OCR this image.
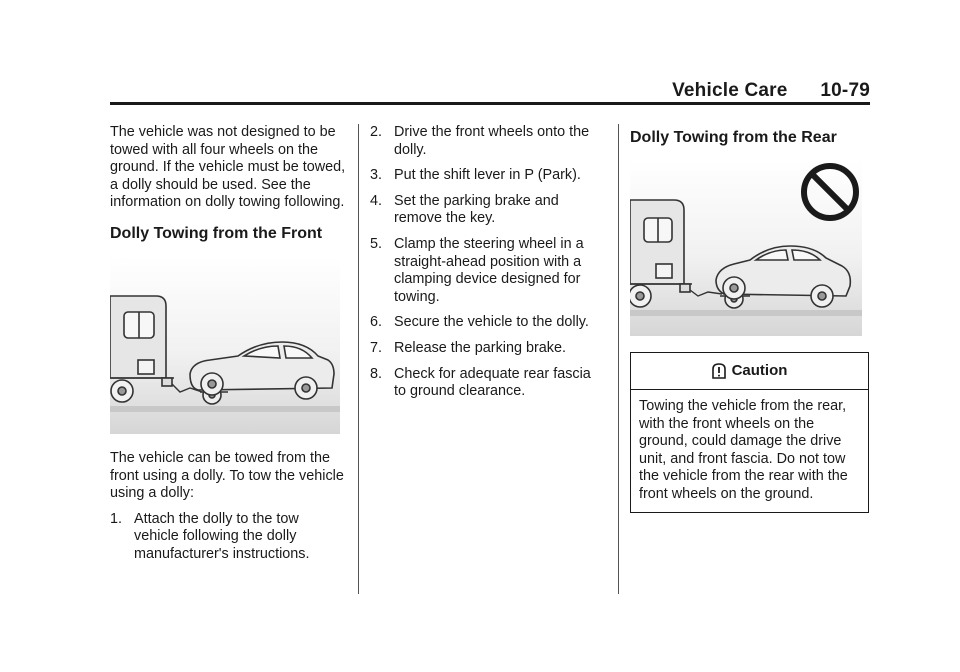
Vehicle Care 10-79

The vehicle was not designed to be towed with all four wheels on the ground. If the vehicle must be towed, a dolly should be used. See the information on dolly towing following.

Dolly Towing from the Front

The vehicle can be towed from the front using a dolly. To tow the vehicle using a dolly:

1. Attach the dolly to the tow vehicle following the dolly manufacturer's instructions.
2. Drive the front wheels onto the dolly.
3. Put the shift lever in P (Park).
4. Set the parking brake and remove the key.
5. Clamp the steering wheel in a straight-ahead position with a clamping device designed for towing.
6. Secure the vehicle to the dolly.
7. Release the parking brake.
8. Check for adequate rear fascia to ground clearance.
Dolly Towing from the Rear
Caution
Towing the vehicle from the rear, with the front wheels on the ground, could damage the drive unit, and front fascia. Do not tow the vehicle from the rear with the front wheels on the ground.
